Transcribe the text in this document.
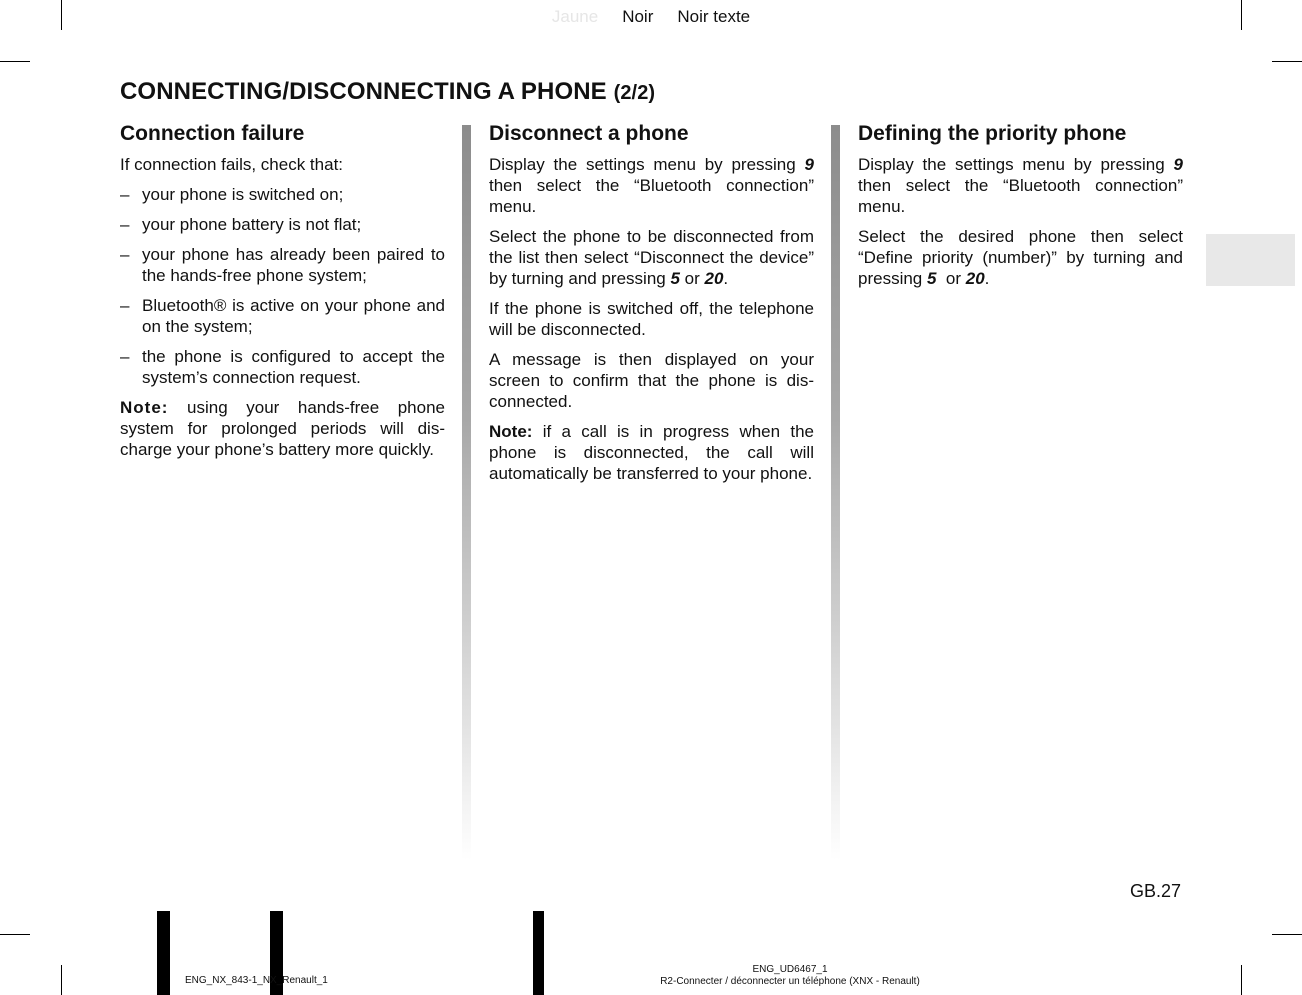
Jaune Noir Noir texte
CONNECTING/DISCONNECTING A PHONE (2/2)
Connection failure

If connection fails, check that:

– your phone is switched on;
– your phone battery is not flat;
– your phone has already been paired to the hands-free phone system;
– Bluetooth® is active on your phone and on the system;
– the phone is configured to accept the system’s connection request.

Note: using your hands-free phone system for prolonged periods will discharge your phone’s battery more quickly.

Disconnect a phone

Display the settings menu by pressing 9 then select the “Bluetooth connection” menu.

Select the phone to be disconnected from the list then select “Disconnect the device” by turning and pressing 5 or 20.

If the phone is switched off, the telephone will be disconnected.

A message is then displayed on your screen to confirm that the phone is disconnected.

Note: if a call is in progress when the phone is disconnected, the call will automatically be transferred to your phone.

Defining the priority phone

Display the settings menu by pressing 9 then select the “Bluetooth connection” menu.

Select the desired phone then select “Define priority (number)” by turning and pressing 5  or 20.

GB.27
ENG_NX_843-1_NX_Renault_1
ENG_UD6467_1
R2-Connecter / déconnecter un téléphone (XNX - Renault)
